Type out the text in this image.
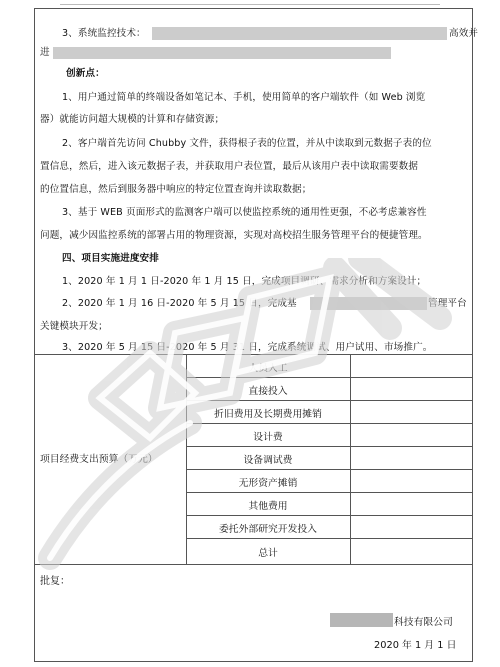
3、系统监控技术：	高效并
进
创新点：
1、用户通过简单的终端设备如笔记本、手机，使用简单的客户端软件（如 Web 浏览
器）就能访问超大规模的计算和存储资源；
2、客户端首先访问 Chubby 文件，获得根子表的位置，并从中读取到元数据子表的位
置信息，然后，进入该元数据子表，并获取用户表位置，最后从该用户表中读取需要数据
的位置信息，然后到服务器中响应的特定位置查询并读取数据；
3、基于 WEB 页面形式的监测客户端可以使监控系统的通用性更强，不必考虑兼容性
问题，减少因监控系统的部署占用的物理资源，实现对高校招生服务管理平台的便捷管理。
四、项目实施进度安排
1、2020 年 1 月 1 日-2020 年 1 月 15 日，完成项目调研、需求分析和方案设计；
2、2020 年 1 月 16 日-2020 年 5 月 15 日，完成基	管理平台
关键模块开发；
3、2020 年 5 月 15 日-2020 年 5 月 31 日，完成系统调试、用户试用、市场推广。
项目经费支出预算（万元）
人员人工
直接投入
折旧费用及长期费用摊销
设计费
设备调试费
无形资产摊销
其他费用
委托外部研究开发投入
总计
批复：
科技有限公司
2020 年 1 月 1 日
